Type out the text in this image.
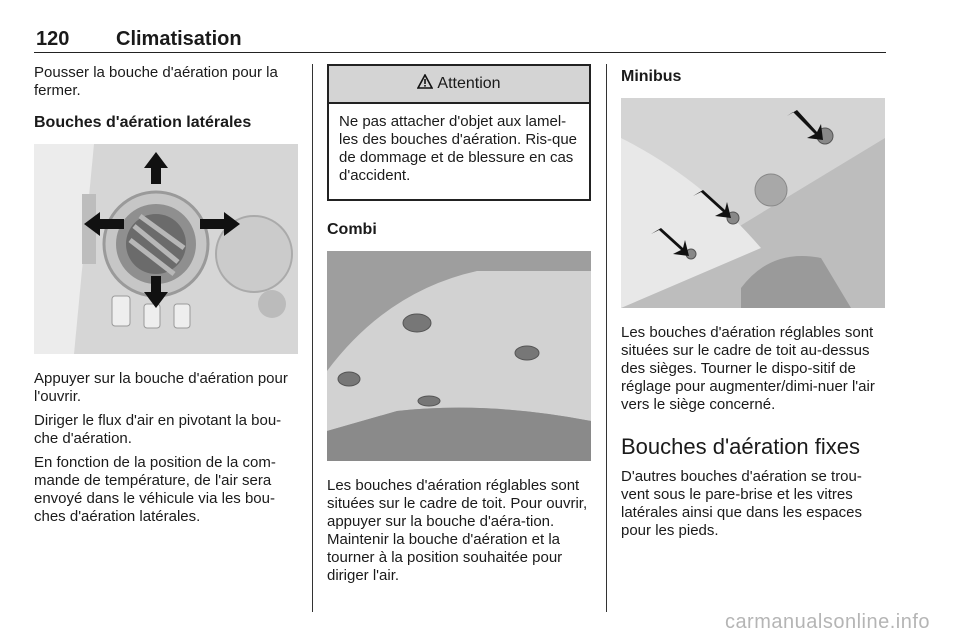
120 Climatisation

Pousser la bouche d'aération pour la fermer.

Bouches d'aération latérales

Appuyer sur la bouche d'aération pour l'ouvrir.

Diriger le flux d'air en pivotant la bou-che d'aération.

En fonction de la position de la com-mande de température, de l'air sera envoyé dans le véhicule via les bou-ches d'aération latérales.

Attention

Ne pas attacher d'objet aux lamel-les des bouches d'aération. Ris-que de dommage et de blessure en cas d'accident.

Combi

Les bouches d'aération réglables sont situées sur le cadre de toit. Pour ouvrir, appuyer sur la bouche d'aéra-tion. Maintenir la bouche d'aération et la tourner à la position souhaitée pour diriger l'air.

Minibus

Les bouches d'aération réglables sont situées sur le cadre de toit au-dessus des sièges. Tourner le dispo-sitif de réglage pour augmenter/dimi-nuer l'air vers le siège concerné.

Bouches d'aération fixes

D'autres bouches d'aération se trou-vent sous le pare-brise et les vitres latérales ainsi que dans les espaces pour les pieds.

carmanualsonline.info
